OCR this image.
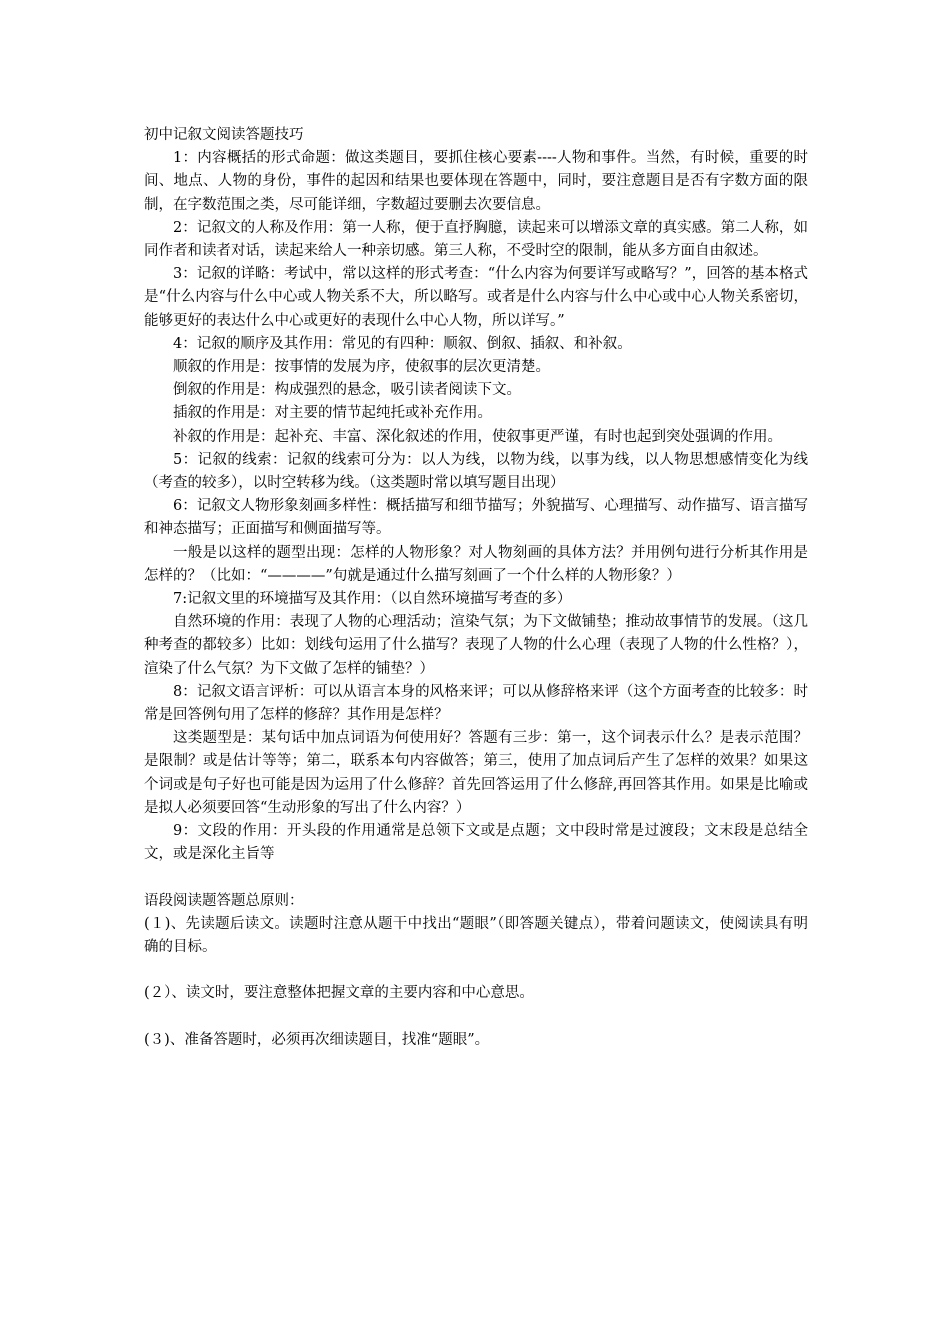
初中记叙文阅读答题技巧

1：内容概括的形式命题：做这类题目，要抓住核心要素----人物和事件。当然，有时候，重要的时间、地点、人物的身份，事件的起因和结果也要体现在答题中，同时，要注意题目是否有字数方面的限制，在字数范围之类，尽可能详细，字数超过要删去次要信息。

2：记叙文的人称及作用：第一人称，便于直抒胸臆，读起来可以增添文章的真实感。第二人称，如同作者和读者对话，读起来给人一种亲切感。第三人称，不受时空的限制，能从多方面自由叙述。

3：记叙的详略：考试中，常以这样的形式考查：“什么内容为何要详写或略写？”，回答的基本格式是“什么内容与什么中心或人物关系不大，所以略写。或者是什么内容与什么中心或中心人物关系密切，能够更好的表达什么中心或更好的表现什么中心人物，所以详写。”

4：记叙的顺序及其作用：常见的有四种：顺叙、倒叙、插叙、和补叙。

顺叙的作用是：按事情的发展为序，使叙事的层次更清楚。

倒叙的作用是：构成强烈的悬念，吸引读者阅读下文。

插叙的作用是：对主要的情节起纯托或补充作用。

补叙的作用是：起补充、丰富、深化叙述的作用，使叙事更严谨，有时也起到突处强调的作用。

5：记叙的线索：记叙的线索可分为：以人为线，以物为线，以事为线，以人物思想感情变化为线（考查的较多），以时空转移为线。（这类题时常以填写题目出现）

6：记叙文人物形象刻画多样性：概括描写和细节描写；外貌描写、心理描写、动作描写、语言描写和神态描写；正面描写和侧面描写等。

一般是以这样的题型出现：怎样的人物形象？对人物刻画的具体方法？并用例句进行分析其作用是怎样的？（比如：“————”句就是通过什么描写刻画了一个什么样的人物形象？）

7:记叙文里的环境描写及其作用：（以自然环境描写考查的多）

自然环境的作用：表现了人物的心理活动；渲染气氛；为下文做铺垫；推动故事情节的发展。（这几种考查的都较多）比如：划线句运用了什么描写？表现了人物的什么心理（表现了人物的什么性格？），渲染了什么气氛？为下文做了怎样的铺垫？）

8：记叙文语言评析：可以从语言本身的风格来评；可以从修辞格来评（这个方面考查的比较多：时常是回答例句用了怎样的修辞？其作用是怎样？

这类题型是：某句话中加点词语为何使用好？答题有三步：第一，这个词表示什么？是表示范围？是限制？或是估计等等；第二，联系本句内容做答；第三，使用了加点词后产生了怎样的效果？如果这个词或是句子好也可能是因为运用了什么修辞？首先回答运用了什么修辞,再回答其作用。如果是比喻或是拟人必须要回答“生动形象的写出了什么内容？）

9：文段的作用：开头段的作用通常是总领下文或是点题；文中段时常是过渡段；文末段是总结全文，或是深化主旨等

语段阅读题答题总原则：

(１)、先读题后读文。读题时注意从题干中找出“题眼”（即答题关键点），带着问题读文，使阅读具有明确的目标。

(２）、读文时，要注意整体把握文章的主要内容和中心意思。

(３)、准备答题时，必须再次细读题目，找准“题眼”。
